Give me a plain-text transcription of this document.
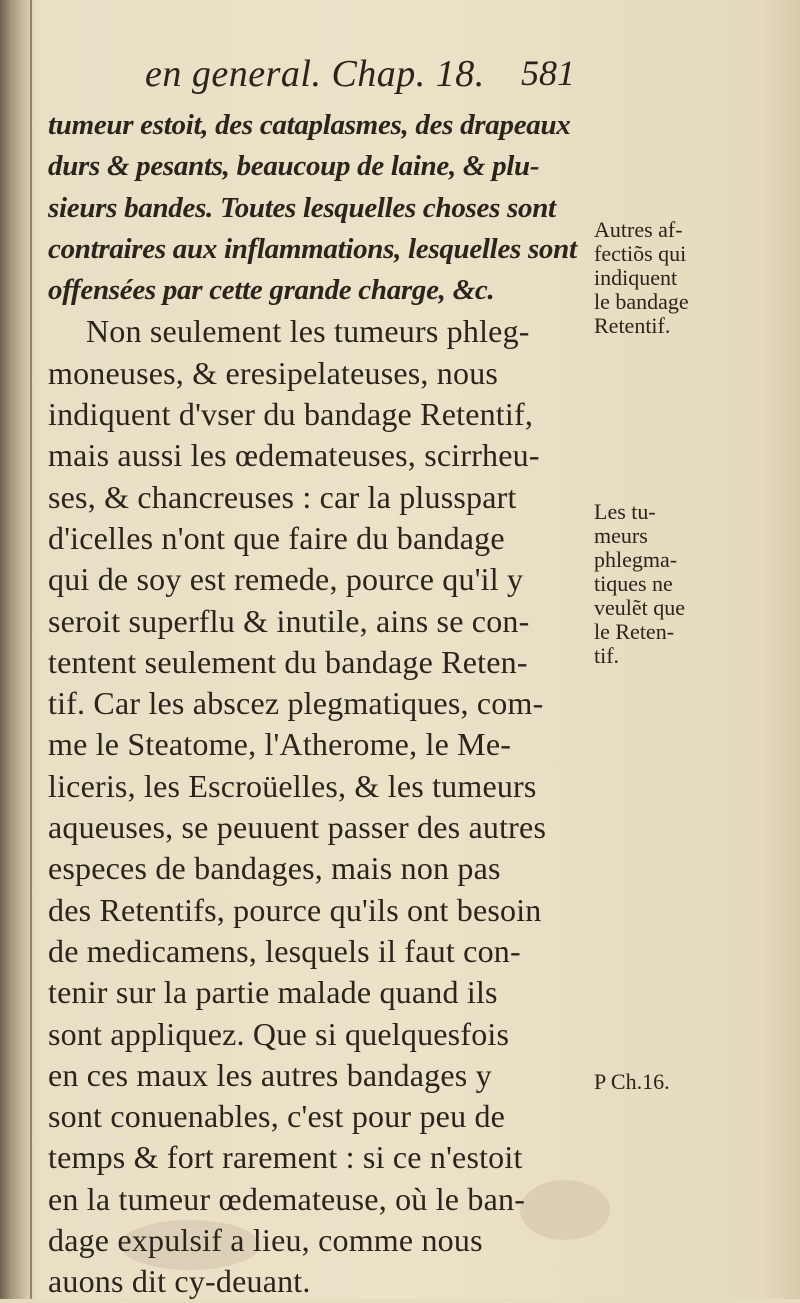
en general. Chap. 18. 581
tumeur estoit, des cataplasmes, des drapeaux
durs & pesants, beaucoup de laine, & plu-
sieurs bandes. Toutes lesquelles choses sont
contraires aux inflammations, lesquelles sont
offensées par cette grande charge, &c.
Non seulement les tumeurs phleg-
moneuses, & eresipelateuses, nous
indiquent d'vser du bandage Retentif,
mais aussi les œdemateuses, scirrheu-
ses, & chancreuses : car la plusspart
d'icelles n'ont que faire du bandage
qui de soy est remede, pource qu'il y
seroit superflu & inutile, ains se con-
tentent seulement du bandage Reten-
tif. Car les abscez plegmatiques, com-
me le Steatome, l'Atherome, le Me-
liceris, les Escroüelles, & les tumeurs
aqueuses, se peuuent passer des autres
especes de bandages, mais non pas
des Retentifs, pource qu'ils ont besoin
de medicamens, lesquels il faut con-
tenir sur la partie malade quand ils
sont appliquez. Que si quelquesfois
en ces maux les autres bandages y
sont conuenables, c'est pour peu de
temps & fort rarement : si ce n'estoit
en la tumeur œdemateuse, où le ban-
dage expulsif a lieu, comme nous
auons dit cy-deuant.
Autres af-
fectiõs qui
indiquent
le bandage
Retentif.
Les tu-
meurs
phlegma-
tiques ne
veulẽt que
le Reten-
tif.
P Ch.16.
